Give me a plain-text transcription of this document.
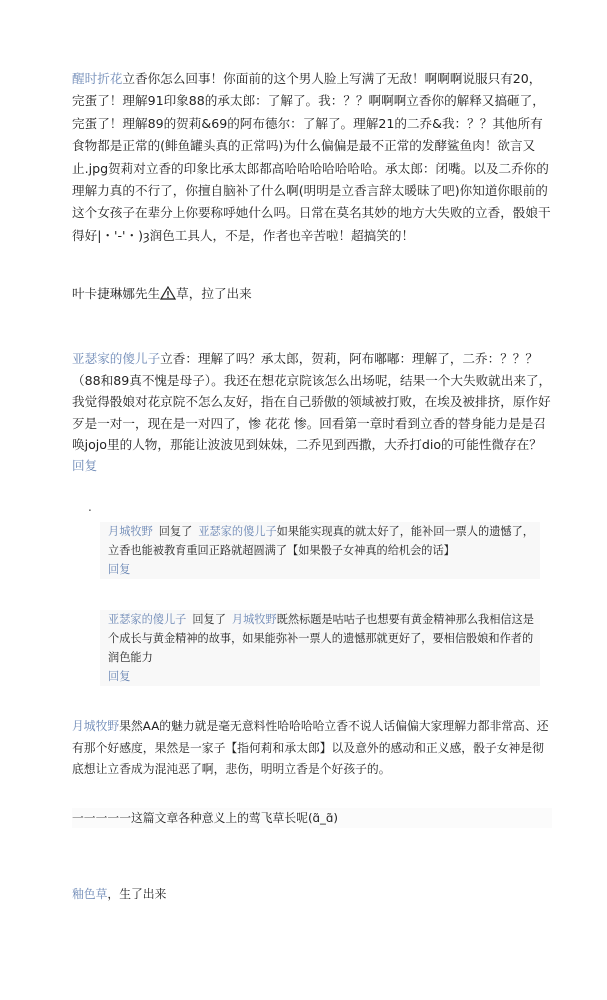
醒时折花立香你怎么回事！你面前的这个男人脸上写满了无敌！啊啊啊说服只有20，完蛋了！理解91印象88的承太郎：了解了。我：？？啊啊啊立香你的解释又搞砸了，完蛋了！理解89的贺莉&69的阿布德尔：了解了。理解21的二乔&我：？？其他所有食物都是正常的(鲱鱼罐头真的正常吗)为什么偏偏是最不正常的发酵鲨鱼肉！欲言又止.jpg贺莉对立香的印象比承太郎都高哈哈哈哈哈哈哈。承太郎：闭嘴。以及二乔你的理解力真的不行了，你擅自脑补了什么啊(明明是立香言辞太暖昧了吧)你知道你眼前的这个女孩子在辈分上你要称呼她什么吗。日常在莫名其妙的地方大失败的立香，骰娘干得好|・'-'・)ȝ润色工具人，不是，作者也辛苦啦！超搞笑的！

叶卡捷琳娜先生 草，拉了出来

亚瑟家的傻儿子立香：理解了吗？承太郎，贺莉，阿布嘟嘟：理解了，二乔：？？？（88和89真不愧是母子）。我还在想花京院该怎么出场呢，结果一个大失败就出来了，我觉得骰娘对花京院不怎么友好，指在自己骄傲的领域被打败，在埃及被排挤，原作好歹是一对一，现在是一对四了，惨 花花 惨。回看第一章时看到立香的替身能力是是召唤jojo里的人物，那能让波波见到妹妹，二乔见到西撒，大乔打dio的可能性微存在？

回复
.

月城牧野 回复了 亚瑟家的傻儿子如果能实现真的就太好了，能补回一票人的遗憾了，立香也能被教育重回正路就超圆满了【如果骰子女神真的给机会的话】

回复

亚瑟家的傻儿子 回复了 月城牧野既然标题是咕咕子也想要有黄金精神那么我相信这是个成长与黄金精神的故事，如果能弥补一票人的遗憾那就更好了，要相信骰娘和作者的润色能力

回复

月城牧野果然AA的魅力就是毫无意料性哈哈哈哈立香不说人话偏偏大家理解力都非常高、还有那个好感度，果然是一家子【指何莉和承太郎】以及意外的感动和正义感，骰子女神是彻底想让立香成为混沌恶了啊，悲伤，明明立香是个好孩子的。

一一一一一这篇文章各种意义上的莺飞草长呢(ɑ̃_ɑ̃)

釉色草，生了出来
